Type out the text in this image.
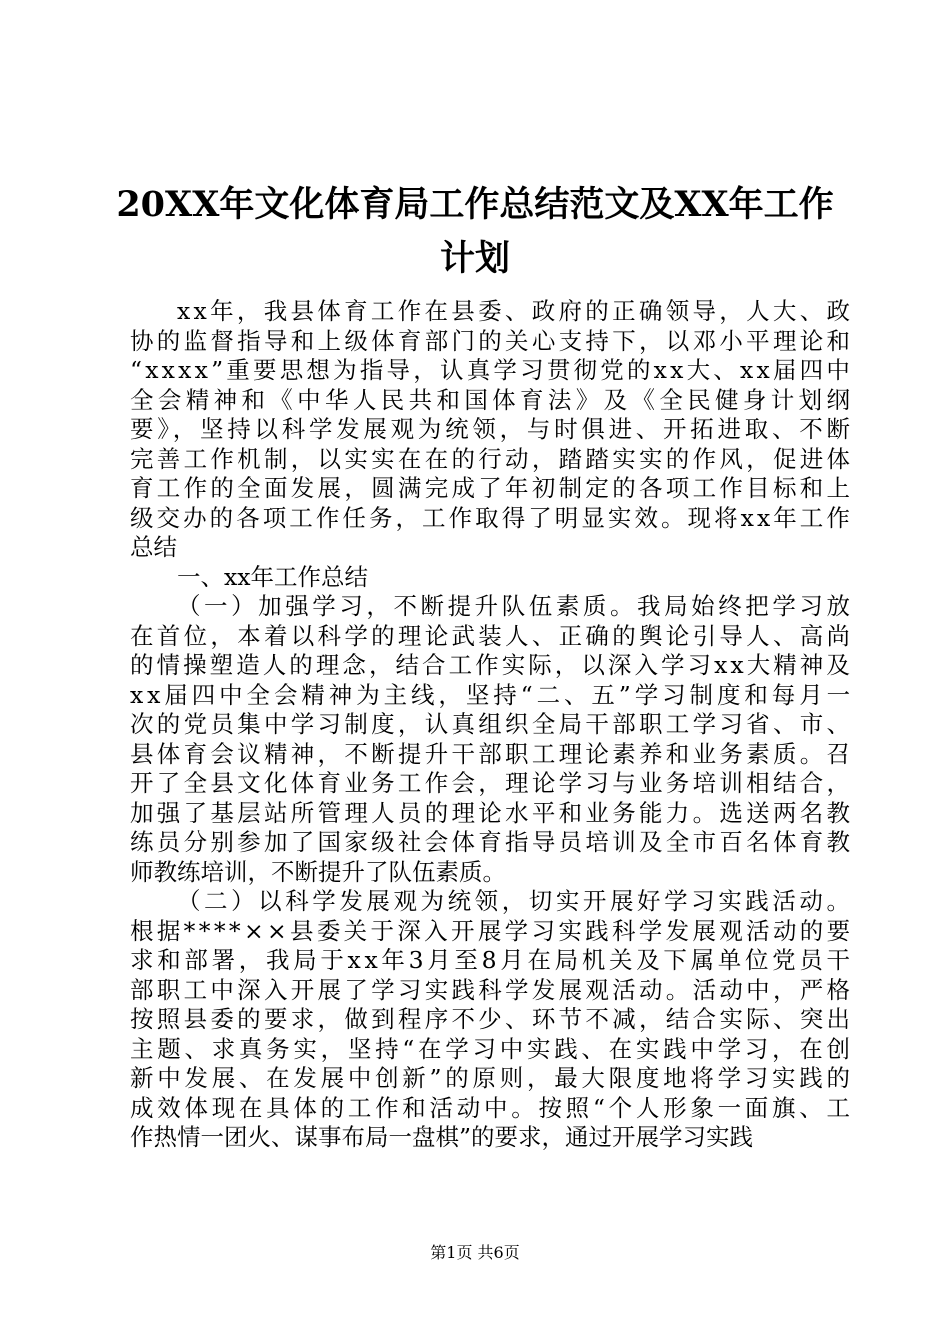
20XX年文化体育局工作总结范文及XX年工作
计划
xx年，我县体育工作在县委、政府的正确领导，人大、政
协的监督指导和上级体育部门的关心支持下，以邓小平理论和
“xxxx”重要思想为指导，认真学习贯彻党的xx大、xx届四中
全会精神和《中华人民共和国体育法》及《全民健身计划纲
要》，坚持以科学发展观为统领，与时俱进、开拓进取、不断
完善工作机制，以实实在在的行动，踏踏实实的作风，促进体
育工作的全面发展，圆满完成了年初制定的各项工作目标和上
级交办的各项工作任务，工作取得了明显实效。现将xx年工作
总结
一、xx年工作总结
（一）加强学习，不断提升队伍素质。我局始终把学习放
在首位，本着以科学的理论武装人、正确的舆论引导人、高尚
的情操塑造人的理念，结合工作实际，以深入学习xx大精神及
xx届四中全会精神为主线，坚持“二、五”学习制度和每月一
次的党员集中学习制度，认真组织全局干部职工学习省、市、
县体育会议精神，不断提升干部职工理论素养和业务素质。召
开了全县文化体育业务工作会，理论学习与业务培训相结合，
加强了基层站所管理人员的理论水平和业务能力。选送两名教
练员分别参加了国家级社会体育指导员培训及全市百名体育教
师教练培训，不断提升了队伍素质。
（二）以科学发展观为统领，切实开展好学习实践活动。
根据****××县委关于深入开展学习实践科学发展观活动的要
求和部署，我局于xx年3月至8月在局机关及下属单位党员干
部职工中深入开展了学习实践科学发展观活动。活动中，严格
按照县委的要求，做到程序不少、环节不减，结合实际、突出
主题、求真务实，坚持“在学习中实践、在实践中学习，在创
新中发展、在发展中创新”的原则，最大限度地将学习实践的
成效体现在具体的工作和活动中。按照“个人形象一面旗、工
作热情一团火、谋事布局一盘棋”的要求，通过开展学习实践
第1页 共6页
